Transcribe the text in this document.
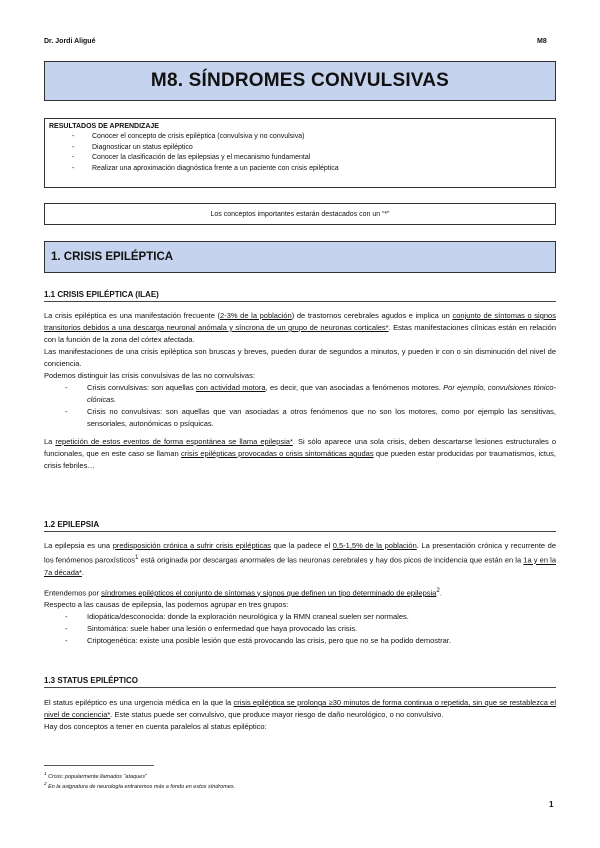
Dr. Jordi Aligué	M8
M8. SÍNDROMES CONVULSIVAS
RESULTADOS DE APRENDIZAJE
- Conocer el concepto de crisis epiléptica (convulsiva y no convulsiva)
- Diagnosticar un status epiléptico
- Conocer la clasificación de las epilepsias y el mecanismo fundamental
- Realizar una aproximación diagnóstica frente a un paciente con crisis epiléptica
Los conceptos importantes estarán destacados con un “*”
1. CRISIS EPILÉPTICA
1.1 CRISIS EPILÉPTICA (ILAE)

La crisis epiléptica es una manifestación frecuente (2-3% de la población) de trastornos cerebrales agudos e implica un conjunto de síntomas o signos transitorios debidos a una descarga neuronal anómala y síncrona de un grupo de neuronas corticales*. Estas manifestaciones clínicas están en relación con la función de la zona del córtex afectada.

Las manifestaciones de una crisis epiléptica son bruscas y breves, pueden durar de segundos a minutos, y pueden ir con o sin disminución del nivel de conciencia.

Podemos distinguir las crisis convulsivas de las no convulsivas:

- Crisis convulsivas: son aquellas con actividad motora, es decir, que van asociadas a fenómenos motores. Por ejemplo, convulsiones tónico-clónicas.
- Crisis no convulsivas: son aquellas que van asociadas a otros fenómenos que no son los motores, como por ejemplo las sensitivas, sensoriales, autonómicas o psíquicas.

La repetición de estos eventos de forma espontánea se llama epilepsia*. Si sólo aparece una sola crisis, deben descartarse lesiones estructurales o funcionales, que en este caso se llaman crisis epilépticas provocadas o crisis sintomáticas agudas que pueden estar producidas por traumatismos, ictus, crisis febriles…

1.2 EPILEPSIA

La epilepsia es una predisposición crónica a sufrir crisis epilépticas que la padece el 0,5-1,5% de la población. La presentación crónica y recurrente de los fenómenos paroxísticos$^1$ está originada por descargas anormales de las neuronas cerebrales y hay dos picos de incidencia que están en la 1a y en la 7a década*.

Entendemos por síndromes epilépticos el conjunto de síntomas y signos que definen un tipo determinado de epilepsia$^2$.

Respecto a las causas de epilepsia, las podemos agrupar en tres grupos:

- Idiopática/desconocida: donde la exploración neurológica y la RMN craneal suelen ser normales.
- Sintomática: suele haber una lesión o enfermedad que haya provocado las crisis.
- Criptogenética: existe una posible lesión que está provocando las crisis, pero que no se ha podido demostrar.
1.3 STATUS EPILÉPTICO

El status epiléptico es una urgencia médica en la que la crisis epiléptica se prolonga ≥30 minutos de forma continua o repetida, sin que se restablezca el nivel de conciencia*. Este status puede ser convulsivo, que produce mayor riesgo de daño neurológico, o no convulsivo.

Hay dos conceptos a tener en cuenta paralelos al status epiléptico:

$^1$ Crisis: popularmente llamados “ataques”
$^2$ En la asignatura de neurología entraremos más a fondo en estos síndromes.
1
